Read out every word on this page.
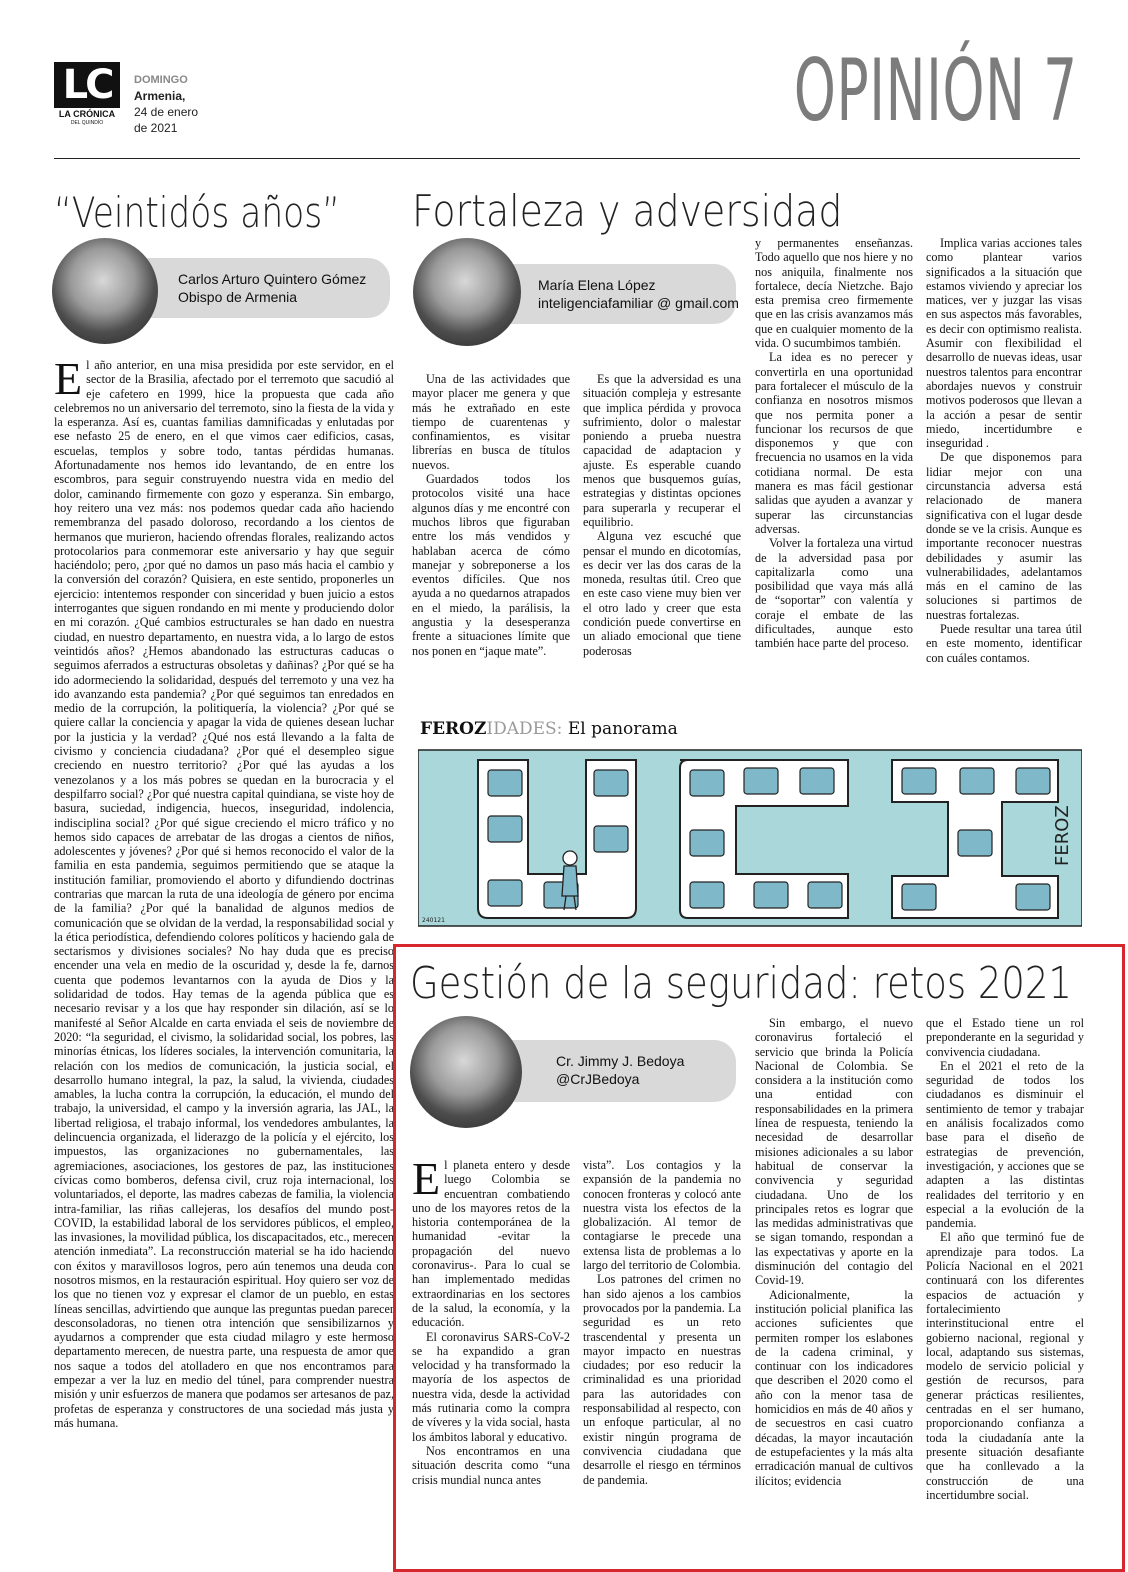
LC
LA CRÓNICA
DEL QUINDÍO
DOMINGO
Armenia,
24 de enero
de 2021	OPINIÓN 7
“Veintidós años”
Carlos Arturo Quintero Gómez
Obispo de Armenia
El año anterior, en una misa presidida por este servidor, en el sector de la Brasilia, afectado por el terremoto que sacudió al eje cafetero en 1999, hice la propuesta que cada año celebremos no un aniversario del terremoto, sino la fiesta de la vida y la esperanza. Así es, cuantas familias damnificadas y enlutadas por ese nefasto 25 de enero, en el que vimos caer edificios, casas, escuelas, templos y sobre todo, tantas pérdidas humanas. Afortunadamente nos hemos ido levantando, de en entre los escombros, para seguir construyendo nuestra vida en medio del dolor, caminando firmemente con gozo y esperanza. Sin embargo, hoy reitero una vez más: nos podemos quedar cada año haciendo remembranza del pasado doloroso, recordando a los cientos de hermanos que murieron, haciendo ofrendas florales, realizando actos protocolarios para conmemorar este aniversario y hay que seguir haciéndolo; pero, ¿por qué no damos un paso más hacia el cambio y la conversión del corazón? Quisiera, en este sentido, proponerles un ejercicio: intentemos responder con sinceridad y buen juicio a estos interrogantes que siguen rondando en mi mente y produciendo dolor en mi corazón. ¿Qué cambios estructurales se han dado en nuestra ciudad, en nuestro departamento, en nuestra vida, a lo largo de estos veintidós años? ¿Hemos abandonado las estructuras caducas o seguimos aferrados a estructuras obsoletas y dañinas? ¿Por qué se ha ido adormeciendo la solidaridad, después del terremoto y una vez ha ido avanzando esta pandemia? ¿Por qué seguimos tan enredados en medio de la corrupción, la politiquería, la violencia? ¿Por qué se quiere callar la conciencia y apagar la vida de quienes desean luchar por la justicia y la verdad? ¿Qué nos está llevando a la falta de civismo y conciencia ciudadana? ¿Por qué el desempleo sigue creciendo en nuestro territorio? ¿Por qué las ayudas a los venezolanos y a los más pobres se quedan en la burocracia y el despilfarro social? ¿Por qué nuestra capital quindiana, se viste hoy de basura, suciedad, indigencia, huecos, inseguridad, indolencia, indisciplina social? ¿Por qué sigue creciendo el micro tráfico y no hemos sido capaces de arrebatar de las drogas a cientos de niños, adolescentes y jóvenes? ¿Por qué si hemos reconocido el valor de la familia en esta pandemia, seguimos permitiendo que se ataque la institución familiar, promoviendo el aborto y difundiendo doctrinas contrarias que marcan la ruta de una ideología de género por encima de la familia? ¿Por qué la banalidad de algunos medios de comunicación que se olvidan de la verdad, la responsabilidad social y la ética periodística, defendiendo colores políticos y haciendo gala de sectarismos y divisiones sociales? No hay duda que es preciso encender una vela en medio de la oscuridad y, desde la fe, darnos cuenta que podemos levantarnos con la ayuda de Dios y la solidaridad de todos. Hay temas de la agenda pública que es necesario revisar y a los que hay responder sin dilación, así se lo manifesté al Señor Alcalde en carta enviada el seis de noviembre de 2020: “la seguridad, el civismo, la solidaridad social, los pobres, las minorías étnicas, los líderes sociales, la intervención comunitaria, la relación con los medios de comunicación, la justicia social, el desarrollo humano integral, la paz, la salud, la vivienda, ciudades amables, la lucha contra la corrupción, la educación, el mundo del trabajo, la universidad, el campo y la inversión agraria, las JAL, la libertad religiosa, el trabajo informal, los vendedores ambulantes, la delincuencia organizada, el liderazgo de la policía y el ejército, los impuestos, las organizaciones no gubernamentales, las agremiaciones, asociaciones, los gestores de paz, las instituciones cívicas como bomberos, defensa civil, cruz roja internacional, los voluntariados, el deporte, las madres cabezas de familia, la violencia intra-familiar, las riñas callejeras, los desafíos del mundo post-COVID, la estabilidad laboral de los servidores públicos, el empleo, las invasiones, la movilidad pública, los discapacitados, etc., merecen atención inmediata”. La reconstrucción material se ha ido haciendo con éxitos y maravillosos logros, pero aún tenemos una deuda con nosotros mismos, en la restauración espiritual. Hoy quiero ser voz de los que no tienen voz y expresar el clamor de un pueblo, en estas líneas sencillas, advirtiendo que aunque las preguntas puedan parecer desconsoladoras, no tienen otra intención que sensibilizarnos y ayudarnos a comprender que esta ciudad milagro y este hermoso departamento merecen, de nuestra parte, una respuesta de amor que nos saque a todos del atolladero en que nos encontramos para empezar a ver la luz en medio del túnel, para comprender nuestra misión y unir esfuerzos de manera que podamos ser artesanos de paz, profetas de esperanza y constructores de una sociedad más justa y más humana.
Fortaleza y adversidad
María Elena López
inteligenciafamiliar @ gmail.com

Una de las actividades que mayor placer me genera y que más he extrañado en este tiempo de cuarentenas y confinamientos, es visitar librerías en busca de títulos nuevos.

Guardados todos los protocolos visité una hace algunos días y me encontré con muchos libros que figuraban entre los más vendidos y hablaban acerca de cómo manejar y sobreponerse a los eventos difíciles. Que nos ayuda a no quedarnos atrapados en el miedo, la parálisis, la angustia y la desesperanza frente a situaciones límite que nos ponen en “jaque mate”.

Es que la adversidad es una situación compleja y estresante que implica pérdida y provoca sufrimiento, dolor o malestar poniendo a prueba nuestra capacidad de adaptacion y ajuste. Es esperable cuando menos que busquemos guías, estrategias y distintas opciones para superarla y recuperar el equilibrio.

Alguna vez escuché que pensar el mundo en dicotomías, es decir ver las dos caras de la moneda, resultas útil. Creo que en este caso viene muy bien ver el otro lado y creer que esta condición puede convertirse en un aliado emocional que tiene poderosas

y permanentes enseñanzas. Todo aquello que nos hiere y no nos aniquila, finalmente nos fortalece, decía Nietzche. Bajo esta premisa creo firmemente que en las crisis avanzamos más que en cualquier momento de la vida. O sucumbimos también.

La idea es no perecer y convertirla en una oportunidad para fortalecer el músculo de la confianza en nosotros mismos que nos permita poner a funcionar los recursos de que disponemos y que con frecuencia no usamos en la vida cotidiana normal. De esta manera es mas fácil gestionar salidas que ayuden a avanzar y superar las circunstancias adversas.

Volver la fortaleza una virtud de la adversidad pasa por capitalizarla como una posibilidad que vaya más allá de “soportar” con valentía y coraje el embate de las dificultades, aunque esto también hace parte del proceso.

Implica varias acciones tales como plantear varios significados a la situación que estamos viviendo y apreciar los matices, ver y juzgar las visas en sus aspectos más favorables, es decir con optimismo realista. Asumir con flexibilidad el desarrollo de nuevas ideas, usar nuestros talentos para encontrar abordajes nuevos y construir motivos poderosos que llevan a la acción a pesar de sentir miedo, incertidumbre e inseguridad .

De que disponemos para lidiar mejor con una circunstancia adversa está relacionado de manera significativa con el lugar desde donde se ve la crisis. Aunque es importante reconocer nuestras debilidades y asumir las vulnerabilidades, adelantamos más en el camino de las soluciones si partimos de nuestras fortalezas.

Puede resultar una tarea útil en este momento, identificar con cuáles contamos.

FEROZIDADES: El panorama
FEROZ
240121
Gestión de la seguridad: retos 2021
Cr. Jimmy J. Bedoya
@CrJBedoya

El planeta entero y desde luego Colombia se encuentran combatiendo uno de los mayores retos de la historia contemporánea de la humanidad -evitar la propagación del nuevo coronavirus-. Para lo cual se han implementado medidas extraordinarias en los sectores de la salud, la economía, y la educación.

El coronavirus SARS-CoV-2 se ha expandido a gran velocidad y ha transformado la mayoría de los aspectos de nuestra vida, desde la actividad más rutinaria como la compra de víveres y la vida social, hasta los ámbitos laboral y educativo.

Nos encontramos en una situación descrita como “una crisis mundial nunca antes

vista”. Los contagios y la expansión de la pandemia no conocen fronteras y colocó ante nuestra vista los efectos de la globalización. Al temor de contagiarse le precede una extensa lista de problemas a lo largo del territorio de Colombia.

Los patrones del crimen no han sido ajenos a los cambios provocados por la pandemia. La seguridad es un reto trascendental y presenta un mayor impacto en nuestras ciudades; por eso reducir la criminalidad es una prioridad para las autoridades con responsabilidad al respecto, con un enfoque particular, al no existir ningún programa de convivencia ciudadana que desarrolle el riesgo en términos de pandemia.

Sin embargo, el nuevo coronavirus fortaleció el servicio que brinda la Policía Nacional de Colombia. Se considera a la institución como una entidad con responsabilidades en la primera línea de respuesta, teniendo la necesidad de desarrollar misiones adicionales a su labor habitual de conservar la convivencia y seguridad ciudadana. Uno de los principales retos es lograr que las medidas administrativas que se sigan tomando, respondan a las expectativas y aporte en la disminución del contagio del Covid-19.

Adicionalmente, la institución policial planifica las acciones suficientes que permiten romper los eslabones de la cadena criminal, y continuar con los indicadores que describen el 2020 como el año con la menor tasa de homicidios en más de 40 años y de secuestros en casi cuatro décadas, la mayor incautación de estupefacientes y la más alta erradicación manual de cultivos ilícitos; evidencia

que el Estado tiene un rol preponderante en la seguridad y convivencia ciudadana.

En el 2021 el reto de la seguridad de todos los ciudadanos es disminuir el sentimiento de temor y trabajar en análisis focalizados como base para el diseño de estrategias de prevención, investigación, y acciones que se adapten a las distintas realidades del territorio y en especial a la evolución de la pandemia.

El año que terminó fue de aprendizaje para todos. La Policía Nacional en el 2021 continuará con los diferentes espacios de actuación y fortalecimiento interinstitucional entre el gobierno nacional, regional y local, adaptando sus sistemas, modelo de servicio policial y gestión de recursos, para generar prácticas resilientes, centradas en el ser humano, proporcionando confianza a toda la ciudadanía ante la presente situación desafiante que ha conllevado a la construcción de una incertidumbre social.
